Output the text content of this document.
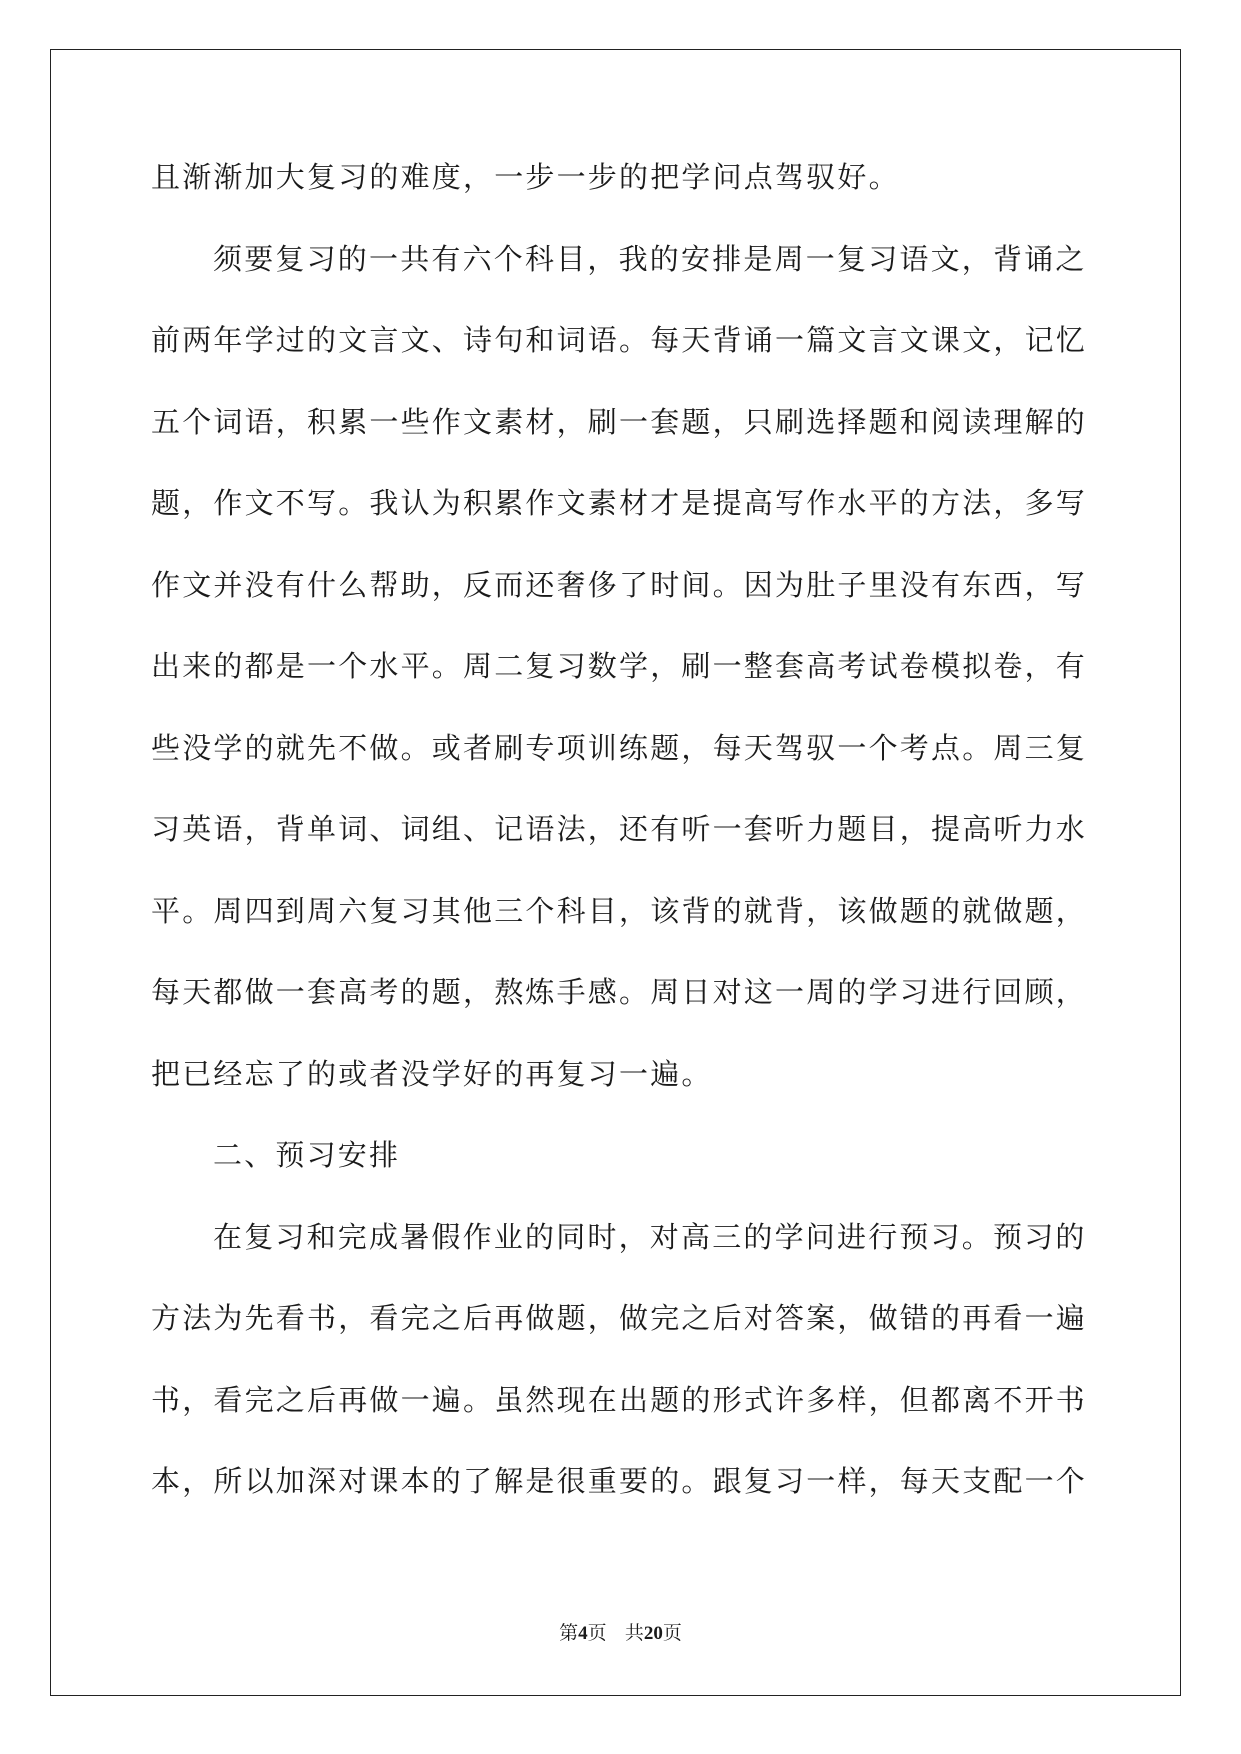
且渐渐加大复习的难度，一步一步的把学问点驾驭好。
须要复习的一共有六个科目，我的安排是周一复习语文，背诵之
前两年学过的文言文、诗句和词语。每天背诵一篇文言文课文，记忆
五个词语，积累一些作文素材，刷一套题，只刷选择题和阅读理解的
题，作文不写。我认为积累作文素材才是提高写作水平的方法，多写
作文并没有什么帮助，反而还奢侈了时间。因为肚子里没有东西，写
出来的都是一个水平。周二复习数学，刷一整套高考试卷模拟卷，有
些没学的就先不做。或者刷专项训练题，每天驾驭一个考点。周三复
习英语，背单词、词组、记语法，还有听一套听力题目，提高听力水
平。周四到周六复习其他三个科目，该背的就背，该做题的就做题，
每天都做一套高考的题，熬炼手感。周日对这一周的学习进行回顾，
把已经忘了的或者没学好的再复习一遍。
二、预习安排
在复习和完成暑假作业的同时，对高三的学问进行预习。预习的
方法为先看书，看完之后再做题，做完之后对答案，做错的再看一遍
书，看完之后再做一遍。虽然现在出题的形式许多样，但都离不开书
本，所以加深对课本的了解是很重要的。跟复习一样，每天支配一个
第4页 共20页
